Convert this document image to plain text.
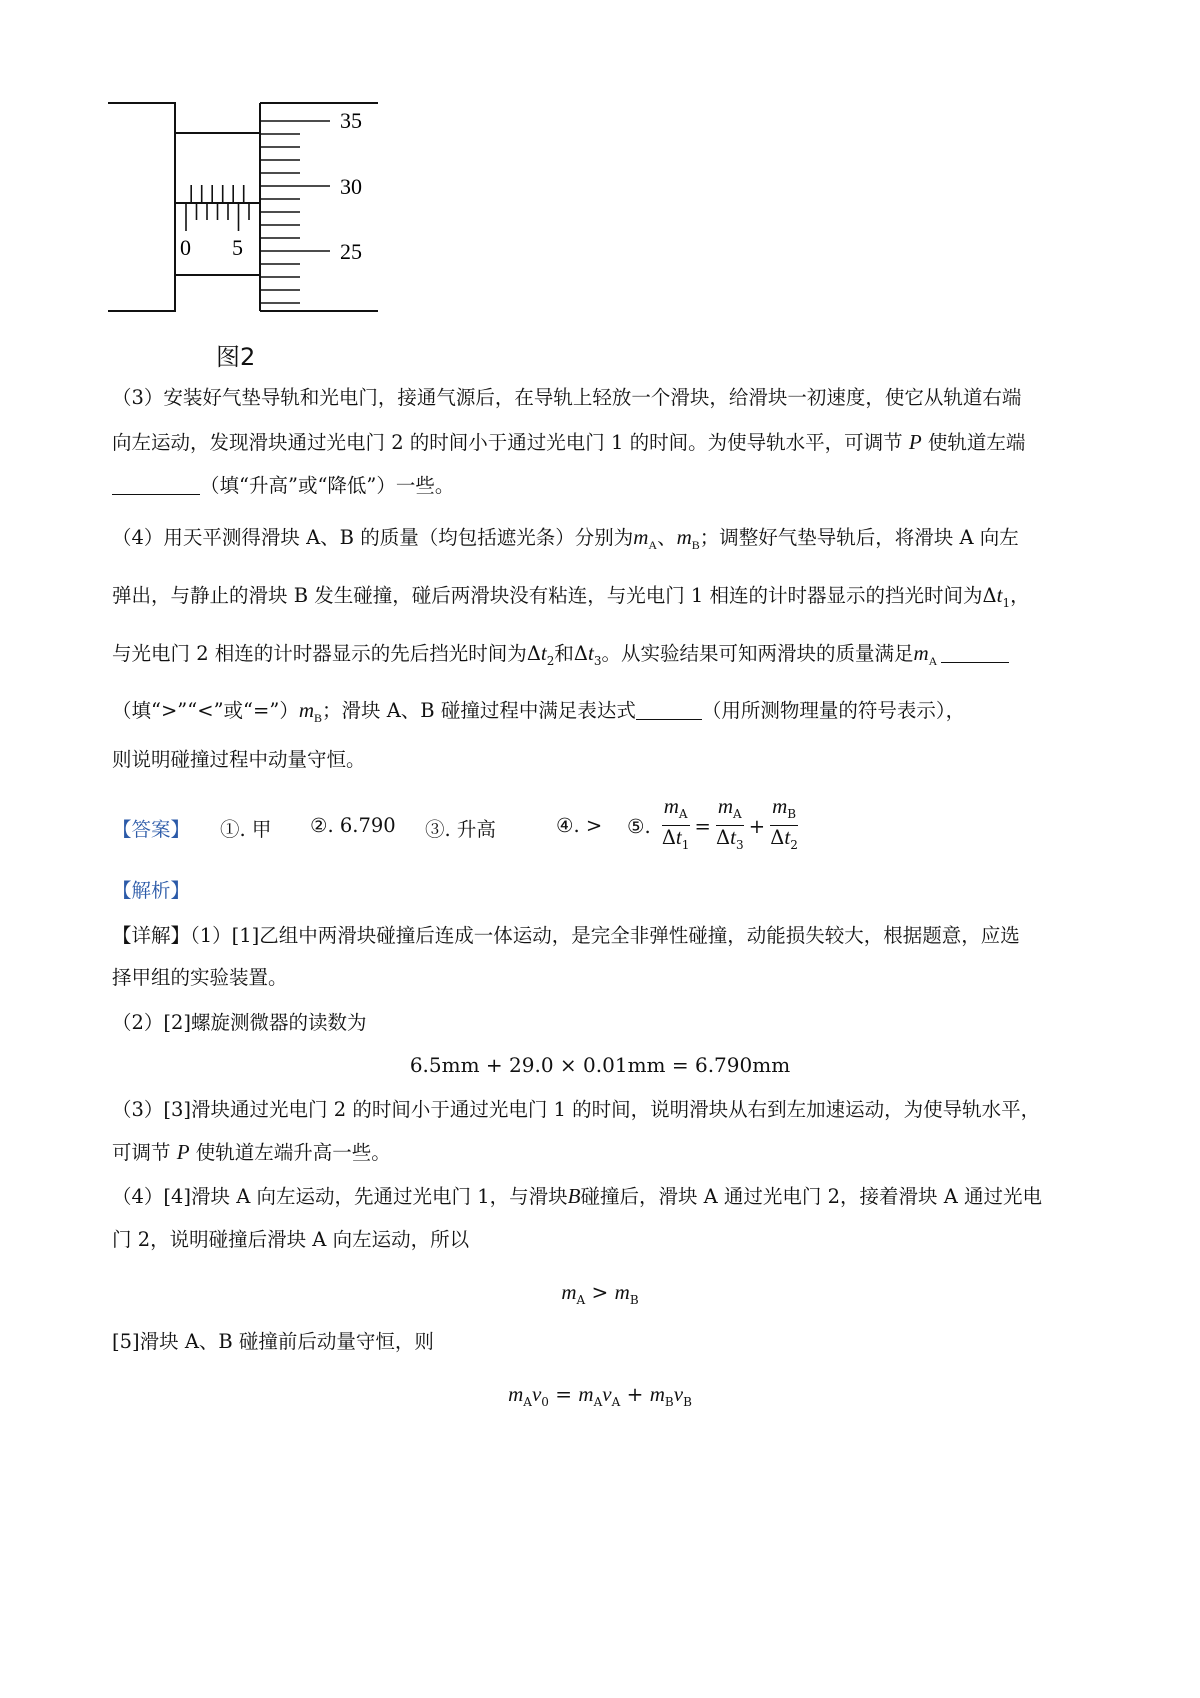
35
30
25
0 5
图2
（3）安装好气垫导轨和光电门，接通气源后，在导轨上轻放一个滑块，给滑块一初速度，使它从轨道右端
向左运动，发现滑块通过光电门 2 的时间小于通过光电门 1 的时间。为使导轨水平，可调节 P 使轨道左端
（填“升高”或“降低”）一些。
（4）用天平测得滑块 A、B 的质量（均包括遮光条）分别为$m_A$、$m_B$；调整好气垫导轨后，将滑块 A 向左
弹出，与静止的滑块 B 发生碰撞，碰后两滑块没有粘连，与光电门 1 相连的计时器显示的挡光时间为$\Delta t_1$，
与光电门 2 相连的计时器显示的先后挡光时间为$\Delta t_2$和$\Delta t_3$。从实验结果可知两滑块的质量满足$m_A$
（填“>”“<”或“$=”)m_B$；滑块 A、B 碰撞过程中满足表达式	（用所测物理量的符号表示），
则说明碰撞过程中动量守恒。
【答案】 ①. 甲 ②. 6.790 ③. 升高	④. > ⑤. $\frac{m_A}{\Delta t_1} = \frac{m_A}{\Delta t_3} + \frac{m_B}{\Delta t_2}$
【解析】
【详解】（1）[1]乙组中两滑块碰撞后连成一体运动，是完全非弹性碰撞，动能损失较大，根据题意，应选
择甲组的实验装置。
（2）[2]螺旋测微器的读数为
6.5mm + 29.0 × 0.01mm = 6.790mm
（3）[3]滑块通过光电门 2 的时间小于通过光电门 1 的时间，说明滑块从右到左加速运动，为使导轨水平，
可调节 P 使轨道左端升高一些。
（4）[4]滑块 A 向左运动，先通过光电门 1，与滑块B碰撞后，滑块 A 通过光电门 2，接着滑块 A 通过光电
门 2，说明碰撞后滑块 A 向左运动，所以
$m_A > m_B$
[5]滑块 A、B 碰撞前后动量守恒，则
$m_Av_0 = m_Av_A + m_Bv_B$
